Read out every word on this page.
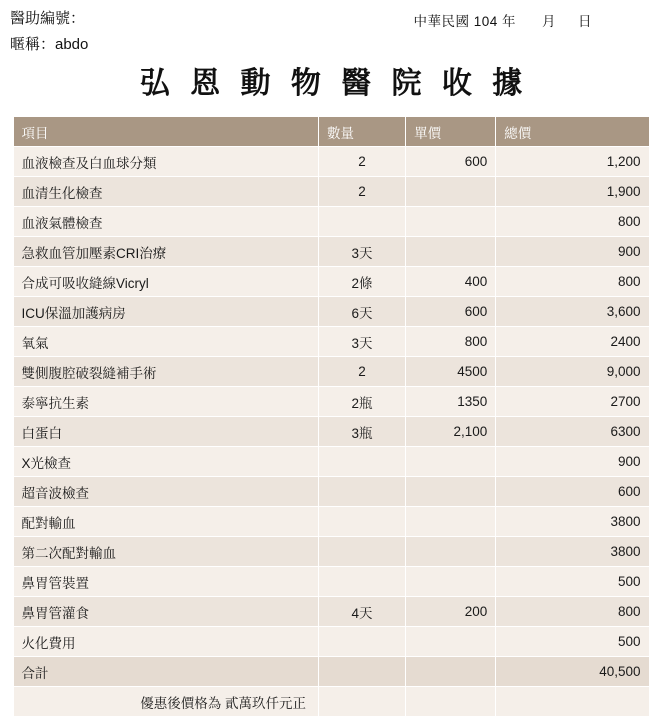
醫助編號：
暱稱：abdo
中華民國 104 年 月 日
弘 恩 動 物 醫 院 收 據
項目	數量	單價	總價
血液檢查及白血球分類	2	600	1,200
血清生化檢查	2		1,900
血液氣體檢查			800
急救血管加壓素CRI治療	3天		900
合成可吸收縫線Vicryl	2條	400	800
ICU保溫加護病房	6天	600	3,600
氧氣	3天	800	2400
雙側腹腔破裂縫補手術	2	4500	9,000
泰寧抗生素	2瓶	1350	2700
白蛋白	3瓶	2,100	6300
X光檢查			900
超音波檢查			600
配對輸血			3800
第二次配對輸血			3800
鼻胃管裝置			500
鼻胃管灌食	4天	200	800
火化費用			500
合計			40,500
優惠後價格為 貳萬玖仟元正			
